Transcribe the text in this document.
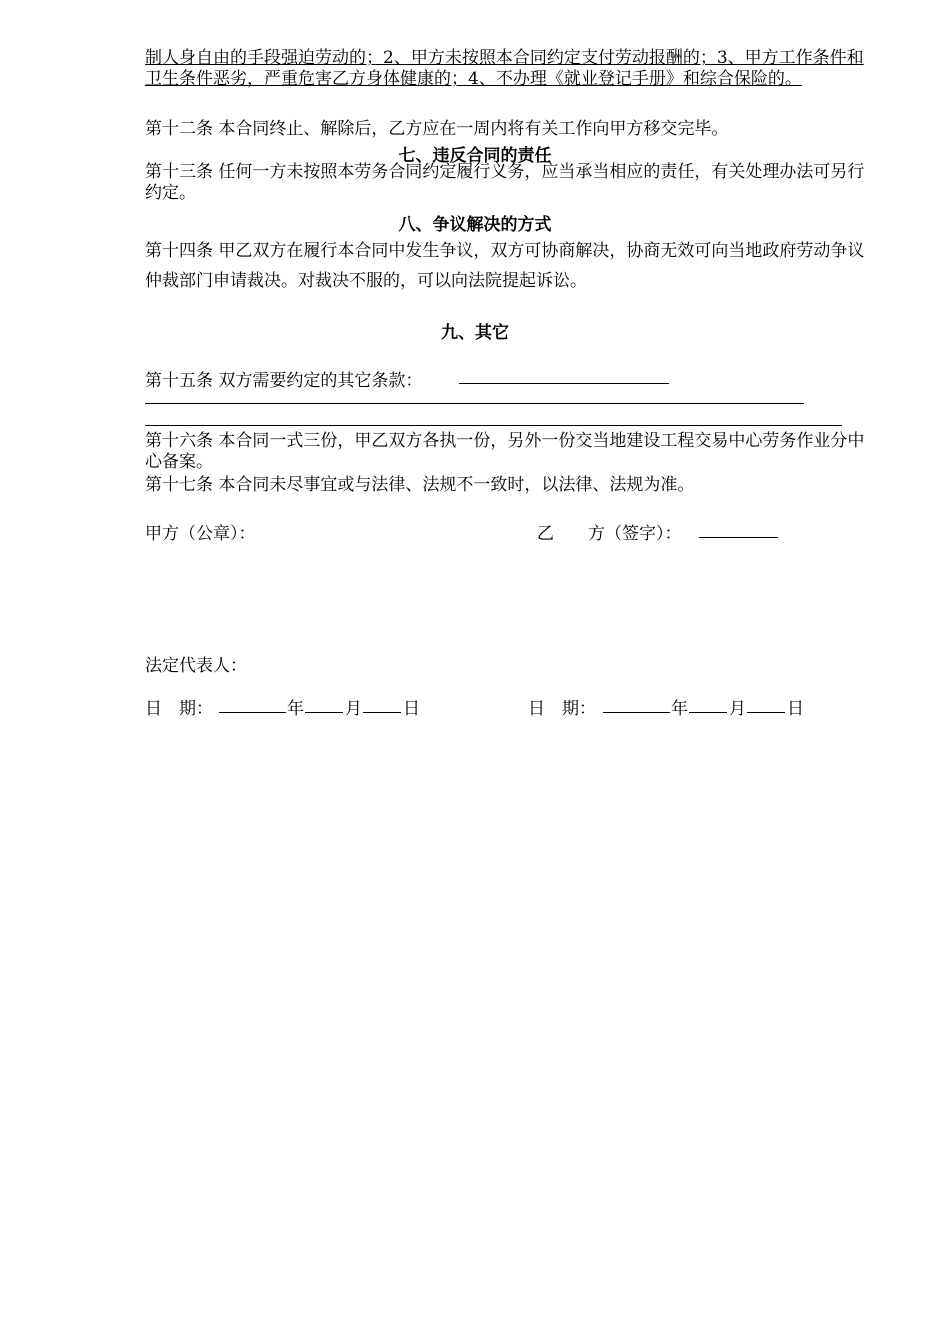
制人身自由的手段强迫劳动的；2、甲方未按照本合同约定支付劳动报酬的；3、甲方工作条件和卫生条件恶劣，严重危害乙方身体健康的；4、不办理《就业登记手册》和综合保险的。
第十二条 本合同终止、解除后，乙方应在一周内将有关工作向甲方移交完毕。
七、违反合同的责任
第十三条 任何一方未按照本劳务合同约定履行义务，应当承当相应的责任，有关处理办法可另行约定。
八、争议解决的方式
第十四条 甲乙双方在履行本合同中发生争议，双方可协商解决，协商无效可向当地政府劳动争议仲裁部门申请裁决。对裁决不服的，可以向法院提起诉讼。
九、其它
第十五条 双方需要约定的其它条款：
第十六条 本合同一式三份，甲乙双方各执一份，另外一份交当地建设工程交易中心劳务作业分中心备案。
第十七条 本合同未尽事宜或与法律、法规不一致时，以法律、法规为准。
甲方（公章）：	乙　　方（签字）：
法定代表人：
日　期：	年 月 日	日　期：	年 月 日
